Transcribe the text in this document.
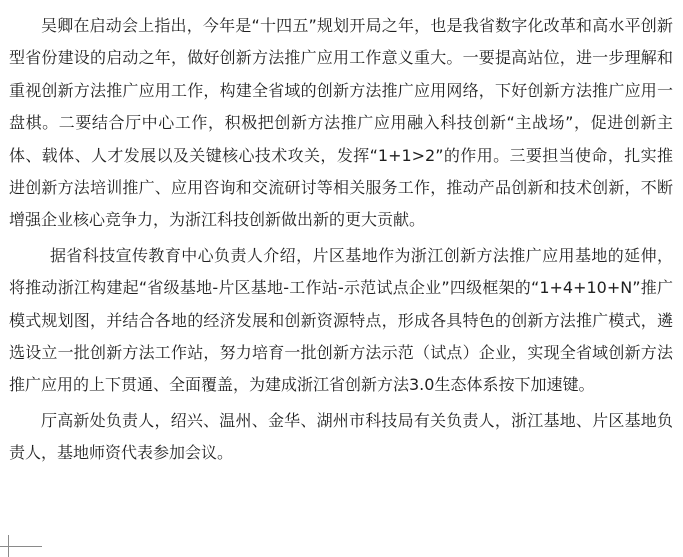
吴卿在启动会上指出，今年是“十四五”规划开局之年，也是我省数字化改革和高水平创新型省份建设的启动之年，做好创新方法推广应用工作意义重大。一要提高站位，进一步理解和重视创新方法推广应用工作，构建全省域的创新方法推广应用网络，下好创新方法推广应用一盘棋。二要结合厅中心工作，积极把创新方法推广应用融入科技创新“主战场”，促进创新主体、载体、人才发展以及关键核心技术攻关，发挥“1+1>2”的作用。三要担当使命，扎实推进创新方法培训推广、应用咨询和交流研讨等相关服务工作，推动产品创新和技术创新，不断增强企业核心竞争力，为浙江科技创新做出新的更大贡献。

据省科技宣传教育中心负责人介绍，片区基地作为浙江创新方法推广应用基地的延伸，将推动浙江构建起“省级基地-片区基地-工作站-示范试点企业”四级框架的“1+4+10+N”推广模式规划图，并结合各地的经济发展和创新资源特点，形成各具特色的创新方法推广模式，遴选设立一批创新方法工作站，努力培育一批创新方法示范（试点）企业，实现全省域创新方法推广应用的上下贯通、全面覆盖，为建成浙江省创新方法3.0生态体系按下加速键。

厅高新处负责人，绍兴、温州、金华、湖州市科技局有关负责人，浙江基地、片区基地负责人，基地师资代表参加会议。
